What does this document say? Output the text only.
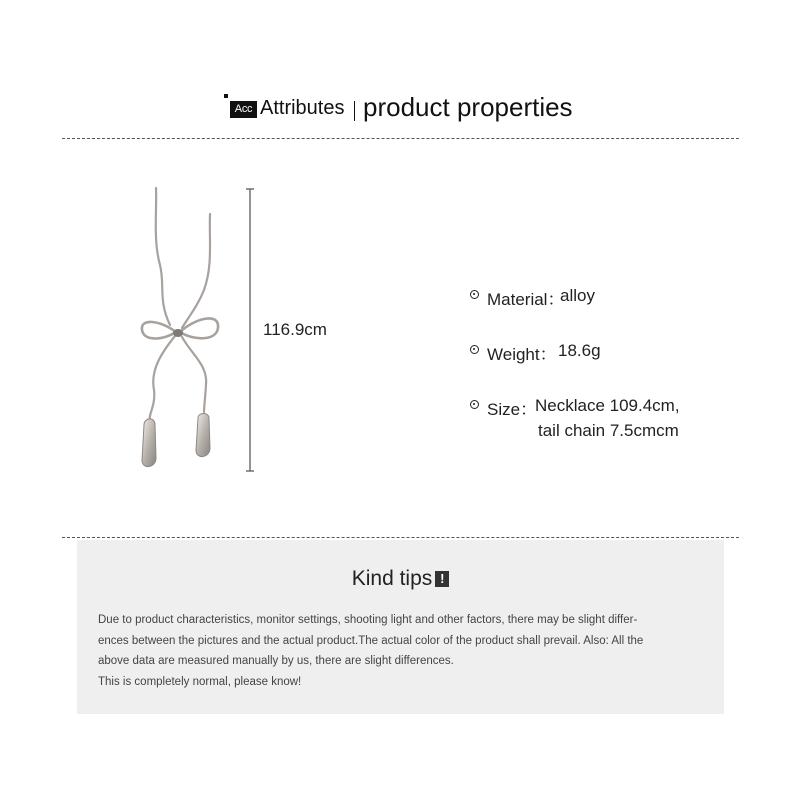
Acc Attributes product properties
116.9cm
Material：
alloy
Weight： 18.6g
Size：
Necklace 109.4cm,
tail chain 7.5cmcm
Kind tips !
Due to product characteristics, monitor settings, shooting light and other factors, there may be slight differ-
ences between the pictures and the actual product.The actual color of the product shall prevail. Also: All the
above data are measured manually by us, there are slight differences.
This is completely normal, please know!
